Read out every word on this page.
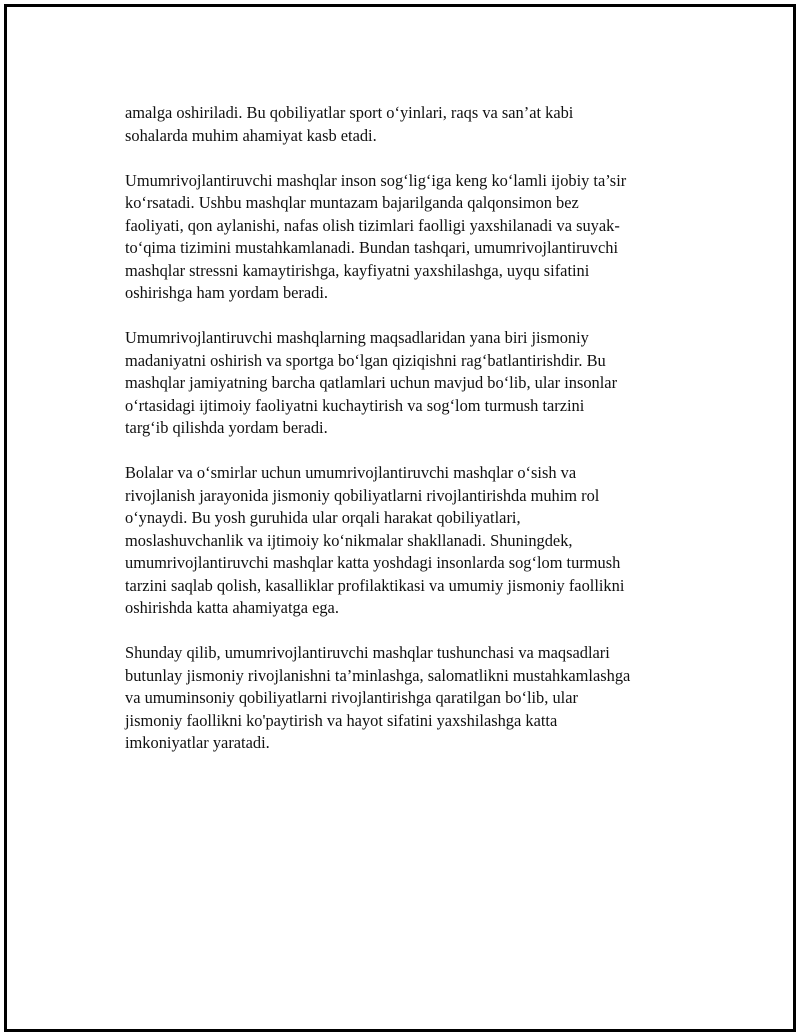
amalga oshiriladi. Bu qobiliyatlar sport o‘yinlari, raqs va san’at kabi
sohalarda muhim ahamiyat kasb etadi.

Umumrivojlantiruvchi mashqlar inson sog‘lig‘iga keng ko‘lamli ijobiy ta’sir
ko‘rsatadi. Ushbu mashqlar muntazam bajarilganda qalqonsimon bez
faoliyati, qon aylanishi, nafas olish tizimlari faolligi yaxshilanadi va suyak-
to‘qima tizimini mustahkamlanadi. Bundan tashqari, umumrivojlantiruvchi
mashqlar stressni kamaytirishga, kayfiyatni yaxshilashga, uyqu sifatini
oshirishga ham yordam beradi.

Umumrivojlantiruvchi mashqlarning maqsadlaridan yana biri jismoniy
madaniyatni oshirish va sportga bo‘lgan qiziqishni rag‘batlantirishdir. Bu
mashqlar jamiyatning barcha qatlamlari uchun mavjud bo‘lib, ular insonlar
o‘rtasidagi ijtimoiy faoliyatni kuchaytirish va sog‘lom turmush tarzini
targ‘ib qilishda yordam beradi.

Bolalar va o‘smirlar uchun umumrivojlantiruvchi mashqlar o‘sish va
rivojlanish jarayonida jismoniy qobiliyatlarni rivojlantirishda muhim rol
o‘ynaydi. Bu yosh guruhida ular orqali harakat qobiliyatlari,
moslashuvchanlik va ijtimoiy ko‘nikmalar shakllanadi. Shuningdek,
umumrivojlantiruvchi mashqlar katta yoshdagi insonlarda sog‘lom turmush
tarzini saqlab qolish, kasalliklar profilaktikasi va umumiy jismoniy faollikni
oshirishda katta ahamiyatga ega.

Shunday qilib, umumrivojlantiruvchi mashqlar tushunchasi va maqsadlari
butunlay jismoniy rivojlanishni ta’minlashga, salomatlikni mustahkamlashga
va umuminsoniy qobiliyatlarni rivojlantirishga qaratilgan bo‘lib, ular
jismoniy faollikni ko'paytirish va hayot sifatini yaxshilashga katta
imkoniyatlar yaratadi.
